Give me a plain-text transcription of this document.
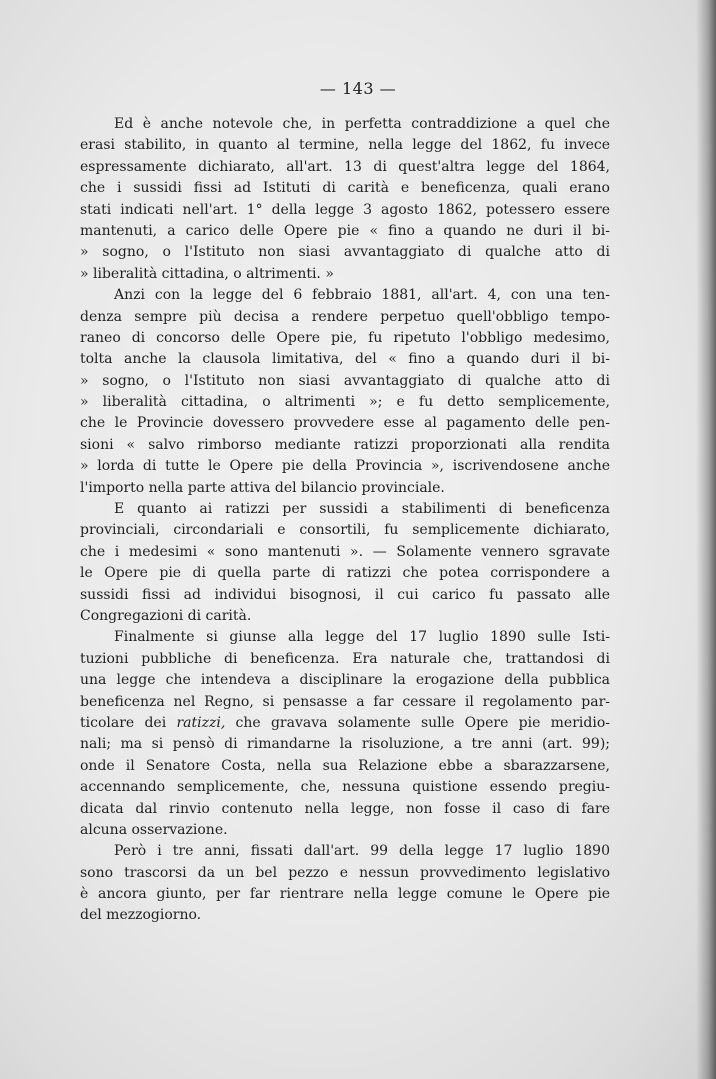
— 143 —
Ed è anche notevole che, in perfetta contraddizione a quel che
erasi stabilito, in quanto al termine, nella legge del 1862, fu invece
espressamente dichiarato, all'art. 13 di quest'altra legge del 1864,
che i sussidi fissi ad Istituti di carità e beneficenza, quali erano
stati indicati nell'art. 1° della legge 3 agosto 1862, potessero essere
mantenuti, a carico delle Opere pie « fino a quando ne duri il bi-
» sogno, o l'Istituto non siasi avvantaggiato di qualche atto di
» liberalità cittadina, o altrimenti. »
Anzi con la legge del 6 febbraio 1881, all'art. 4, con una ten-
denza sempre più decisa a rendere perpetuo quell'obbligo tempo-
raneo di concorso delle Opere pie, fu ripetuto l'obbligo medesimo,
tolta anche la clausola limitativa, del « fino a quando duri il bi-
» sogno, o l'Istituto non siasi avvantaggiato di qualche atto di
» liberalità cittadina, o altrimenti »; e fu detto semplicemente,
che le Provincie dovessero provvedere esse al pagamento delle pen-
sioni « salvo rimborso mediante ratizzi proporzionati alla rendita
» lorda di tutte le Opere pie della Provincia », iscrivendosene anche
l'importo nella parte attiva del bilancio provinciale.
E quanto ai ratizzi per sussidi a stabilimenti di beneficenza
provinciali, circondariali e consortili, fu semplicemente dichiarato,
che i medesimi « sono mantenuti ». — Solamente vennero sgravate
le Opere pie di quella parte di ratizzi che potea corrispondere a
sussidi fissi ad individui bisognosi, il cui carico fu passato alle
Congregazioni di carità.
Finalmente si giunse alla legge del 17 luglio 1890 sulle Isti-
tuzioni pubbliche di beneficenza. Era naturale che, trattandosi di
una legge che intendeva a disciplinare la erogazione della pubblica
beneficenza nel Regno, si pensasse a far cessare il regolamento par-
ticolare dei ratizzi, che gravava solamente sulle Opere pie meridio-
nali; ma si pensò di rimandarne la risoluzione, a tre anni (art. 99);
onde il Senatore Costa, nella sua Relazione ebbe a sbarazzarsene,
accennando semplicemente, che, nessuna quistione essendo pregiu-
dicata dal rinvio contenuto nella legge, non fosse il caso di fare
alcuna osservazione.
Però i tre anni, fissati dall'art. 99 della legge 17 luglio 1890
sono trascorsi da un bel pezzo e nessun provvedimento legislativo
è ancora giunto, per far rientrare nella legge comune le Opere pie
del mezzogiorno.
